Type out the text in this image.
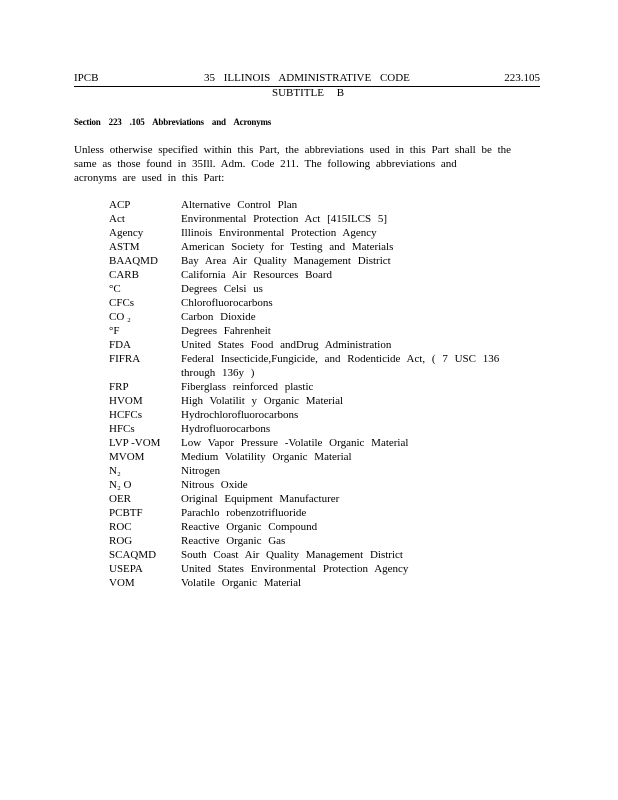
IPCB	35 ILLINOIS ADMINISTRATIVE CODE	223.105
SUBTITLE B
Section 223 .105 Abbreviations and Acronyms
Unless otherwise specified within this Part, the abbreviations used in this Part shall be the
same as those found in 35Ill. Adm. Code 211. The following abbreviations and
acronyms are used in this Part:
ACP	Alternative Control Plan
Act	Environmental Protection Act [415ILCS 5]
Agency	Illinois Environmental Protection Agency
ASTM	American Society for Testing and Materials
BAAQMD	Bay Area Air Quality Management District
CARB	California Air Resources Board
°C	Degrees Celsi us
CFCs	Chlorofluorocarbons
CO ₂	Carbon Dioxide
°F	Degrees Fahrenheit
FDA	United States Food andDrug Administration
FIFRA	Federal Insecticide,Fungicide, and Rodenticide Act, ( 7 USC 136 through 136y )
FRP	Fiberglass reinforced plastic
HVOM	High Volatilit y Organic Material
HCFCs	Hydrochlorofluorocarbons
HFCs	Hydrofluorocarbons
LVP -VOM	Low Vapor Pressure -Volatile Organic Material
MVOM	Medium Volatility Organic Material
N₂	Nitrogen
N₂ O	Nitrous Oxide
OER	Original Equipment Manufacturer
PCBTF	Parachlo robenzotrifluoride
ROC	Reactive Organic Compound
ROG	Reactive Organic Gas
SCAQMD	South Coast Air Quality Management District
USEPA	United States Environmental Protection Agency
VOM	Volatile Organic Material
